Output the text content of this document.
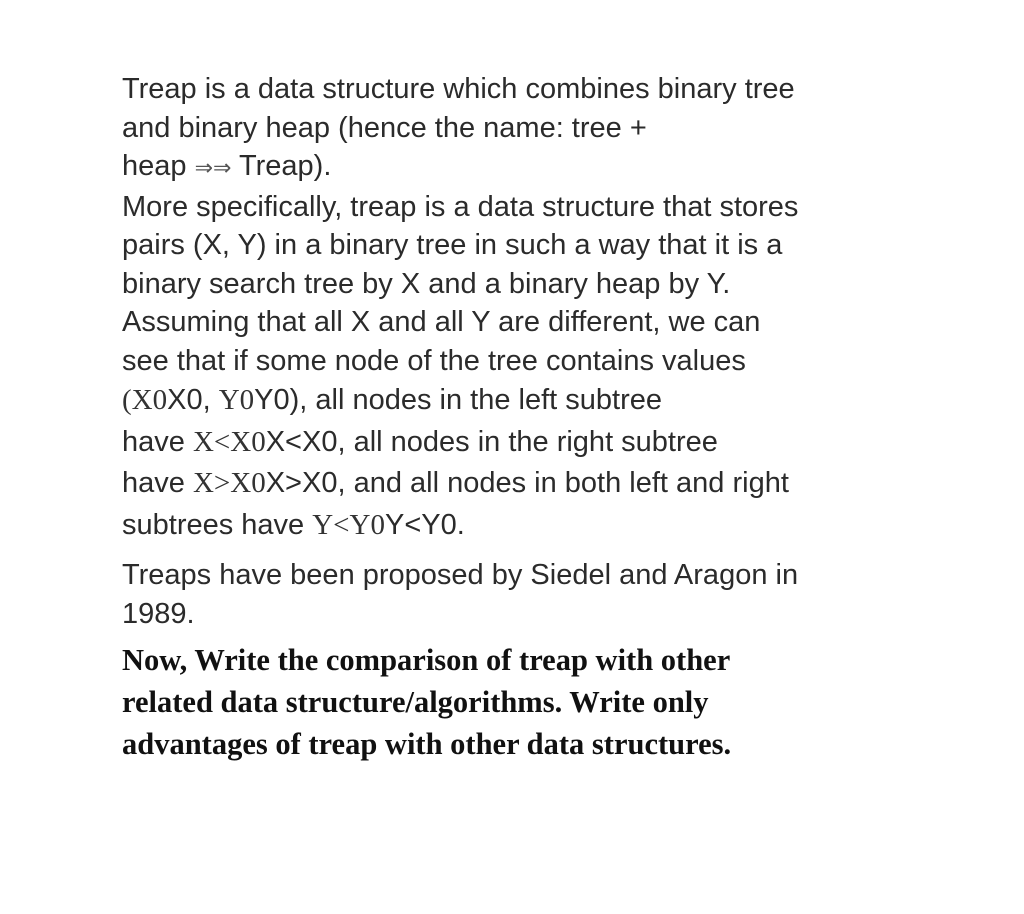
Treap is a data structure which combines binary tree
and binary heap (hence the name: tree +
heap ⇒⇒ Treap).
More specifically, treap is a data structure that stores
pairs (X, Y) in a binary tree in such a way that it is a
binary search tree by X and a binary heap by Y.
Assuming that all X and all Y are different, we can
see that if some node of the tree contains values
(X0X0, Y0Y0), all nodes in the left subtree
have X<X0X<X0, all nodes in the right subtree
have X>X0X>X0, and all nodes in both left and right
subtrees have Y<Y0Y<Y0.
Treaps have been proposed by Siedel and Aragon in
1989.
Now, Write the comparison of treap with other
related data structure/algorithms. Write only
advantages of treap with other data structures.
